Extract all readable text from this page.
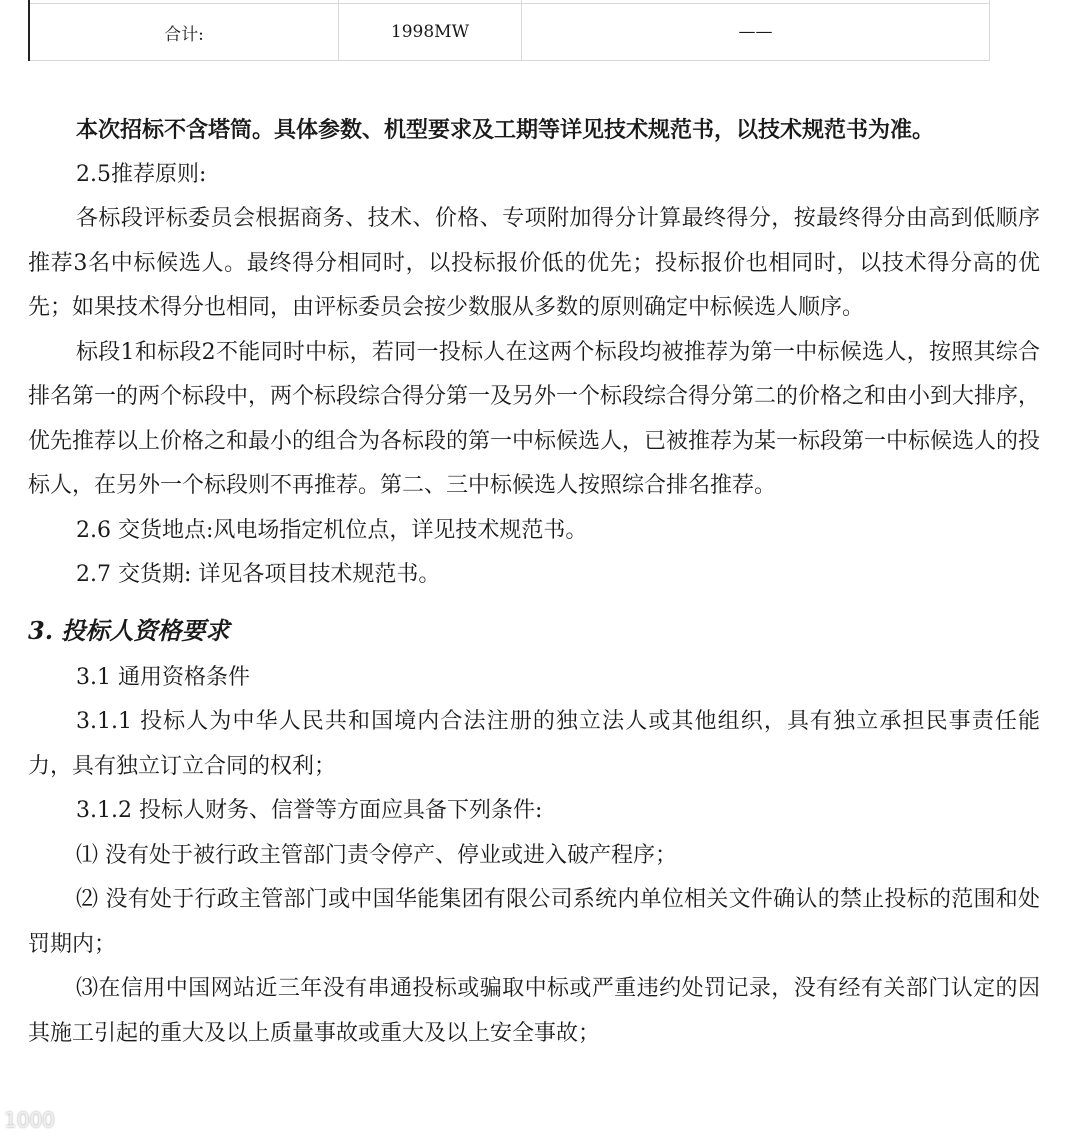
合计:	1998MW	——

本次招标不含塔筒。具体参数、机型要求及工期等详见技术规范书，以技术规范书为准。

2.5推荐原则:

各标段评标委员会根据商务、技术、价格、专项附加得分计算最终得分，按最终得分由高到低顺序推荐3名中标候选人。最终得分相同时，以投标报价低的优先；投标报价也相同时，以技术得分高的优先；如果技术得分也相同，由评标委员会按少数服从多数的原则确定中标候选人顺序。

标段1和标段2不能同时中标，若同一投标人在这两个标段均被推荐为第一中标候选人，按照其综合排名第一的两个标段中，两个标段综合得分第一及另外一个标段综合得分第二的价格之和由小到大排序，优先推荐以上价格之和最小的组合为各标段的第一中标候选人，已被推荐为某一标段第一中标候选人的投标人，在另外一个标段则不再推荐。第二、三中标候选人按照综合排名推荐。

2.6 交货地点:风电场指定机位点，详见技术规范书。

2.7 交货期: 详见各项目技术规范书。

3. 投标人资格要求

3.1 通用资格条件

3.1.1 投标人为中华人民共和国境内合法注册的独立法人或其他组织，具有独立承担民事责任能力，具有独立订立合同的权利；

3.1.2 投标人财务、信誉等方面应具备下列条件:

⑴ 没有处于被行政主管部门责令停产、停业或进入破产程序；

⑵ 没有处于行政主管部门或中国华能集团有限公司系统内单位相关文件确认的禁止投标的范围和处罚期内；

⑶在信用中国网站近三年没有串通投标或骗取中标或严重违约处罚记录，没有经有关部门认定的因其施工引起的重大及以上质量事故或重大及以上安全事故；

1000
